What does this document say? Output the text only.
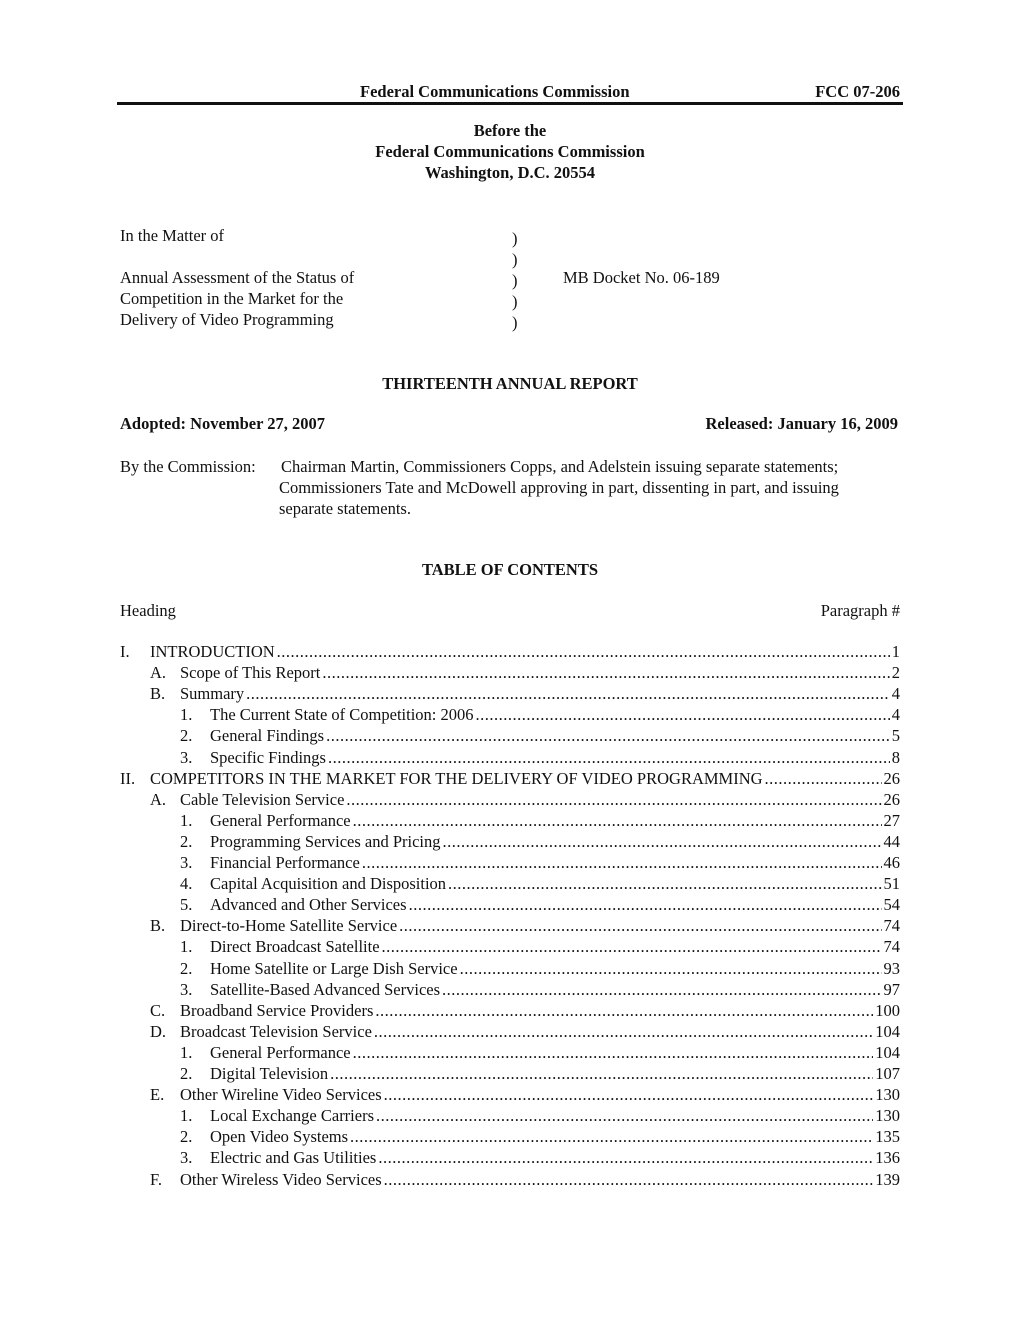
Federal Communications Commission	FCC 07-206
Before the
Federal Communications Commission
Washington, D.C. 20554
In the Matter of
Annual Assessment of the Status of
Competition in the Market for the
Delivery of Video Programming
)
)
)
)
)
MB Docket No. 06-189
THIRTEENTH ANNUAL REPORT
Adopted: November 27, 2007	Released: January 16, 2009
By the Commission: Chairman Martin, Commissioners Copps, and Adelstein issuing separate statements;
Commissioners Tate and McDowell approving in part, dissenting in part, and issuing
separate statements.
TABLE OF CONTENTS
Heading	Paragraph #
I. INTRODUCTION .....	1
A. Scope of This Report .....	2
B. Summary .....	4
1. The Current State of Competition: 2006 .....	4
2. General Findings .....	5
3. Specific Findings .....	8
II. COMPETITORS IN THE MARKET FOR THE DELIVERY OF VIDEO PROGRAMMING .....	26
A. Cable Television Service .....	26
1. General Performance .....	27
2. Programming Services and Pricing .....	44
3. Financial Performance .....	46
4. Capital Acquisition and Disposition .....	51
5. Advanced and Other Services .....	54
B. Direct-to-Home Satellite Service .....	74
1. Direct Broadcast Satellite .....	74
2. Home Satellite or Large Dish Service .....	93
3. Satellite-Based Advanced Services .....	97
C. Broadband Service Providers .....	100
D. Broadcast Television Service .....	104
1. General Performance .....	104
2. Digital Television .....	107
E. Other Wireline Video Services .....	130
1. Local Exchange Carriers .....	130
2. Open Video Systems .....	135
3. Electric and Gas Utilities .....	136
F. Other Wireless Video Services .....	139
